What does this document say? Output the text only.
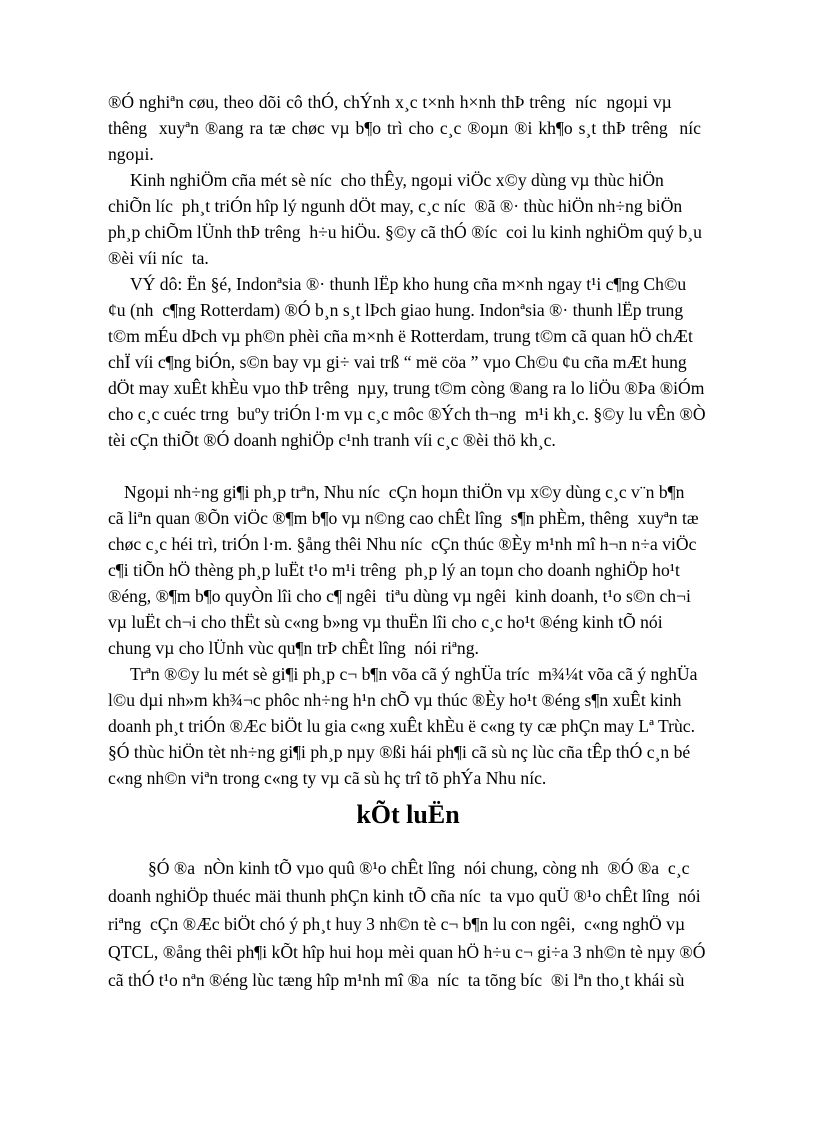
®Ó nghiªn cøu, theo dõi cô thÓ, chÝnh x¸c t×nh h×nh thÞ trêng  níc  ngoµi vµ
thêng  xuyªn ®ang ra tæ chøc vµ b¶o trì cho c¸c ®oµn ®i kh¶o s¸t thÞ trêng  níc
ngoµi.
Kinh nghiÖm cña mét sè níc  cho thÊy, ngoµi viÖc x©y dùng vµ thùc hiÖn
chiÕn líc  ph¸t triÓn hîp lý ngunh dÖt may, c¸c níc  ®ã ®· thùc hiÖn nh÷ng biÖn
ph¸p chiÕm lÜnh thÞ trêng  h÷u hiÖu. §©y cã thÓ ®íc  coi lu kinh nghiÖm quý b¸u
®èi víi níc  ta.
VÝ dô: Ën §é, Indonªsia ®· thunh lËp kho hung cña m×nh ngay t¹i c¶ng Ch©u
¢u (nh  c¶ng Rotterdam) ®Ó b¸n s¸t lÞch giao hung. Indonªsia ®· thunh lËp trung
t©m mÉu dÞch vµ ph©n phèi cña m×nh ë Rotterdam, trung t©m cã quan hÖ chÆt
chÏ víi c¶ng biÓn, s©n bay vµ gi÷ vai trß “ më cöa ” vµo Ch©u ¢u cña mÆt hung
dÖt may xuÊt khÈu vµo thÞ trêng  nµy, trung t©m còng ®ang ra lo liÖu ®Þa ®iÓm
cho c¸c cuéc trng  buºy triÓn l·m vµ c¸c môc ®Ých th¬ng  m¹i kh¸c. §©y lu vÊn ®Ò
tèi cÇn thiÕt ®Ó doanh nghiÖp c¹nh tranh víi c¸c ®èi thö kh¸c.
Ngoµi nh÷ng gi¶i ph¸p trªn, Nhu níc  cÇn hoµn thiÖn vµ x©y dùng c¸c v¨n b¶n
cã liªn quan ®Õn viÖc ®¶m b¶o vµ n©ng cao chÊt lîng  s¶n phÈm, thêng  xuyªn tæ
chøc c¸c héi trì, triÓn l·m. §ång thêi Nhu níc  cÇn thúc ®Èy m¹nh mî h¬n n÷a viÖc
c¶i tiÕn hÖ thèng ph¸p luËt t¹o m¹i trêng  ph¸p lý an toµn cho doanh nghiÖp ho¹t
®éng, ®¶m b¶o quyÒn lîi cho c¶ ngêi  tiªu dùng vµ ngêi  kinh doanh, t¹o s©n ch¬i
vµ luËt ch¬i cho thËt sù c«ng b»ng vµ thuËn lîi cho c¸c ho¹t ®éng kinh tÕ nói
chung vµ cho lÜnh vùc qu¶n trÞ chÊt lîng  nói riªng.
Trªn ®©y lu mét sè gi¶i ph¸p c¬ b¶n võa cã ý nghÜa tríc  m¾¼t võa cã ý nghÜa
l©u dµi nh»m kh¾¬c phôc nh÷ng h¹n chÕ vµ thúc ®Èy ho¹t ®éng s¶n xuÊt kinh
doanh ph¸t triÓn ®Æc biÖt lu gia c«ng xuÊt khÈu ë c«ng ty cæ phÇn may Lª Trùc.
§Ó thùc hiÖn tèt nh÷ng gi¶i ph¸p nµy ®ßi hái ph¶i cã sù nç lùc cña tÊp thÓ c¸n bé
c«ng nh©n viªn trong c«ng ty vµ cã sù hç trî tõ phÝa Nhu níc.
kÕt luËn
§Ó ®a  nÒn kinh tÕ vµo quû ®¹o chÊt lîng  nói chung, còng nh  ®Ó ®a  c¸c
doanh nghiÖp thuéc mäi thunh phÇn kinh tÕ cña níc  ta vµo quÜ ®¹o chÊt lîng  nói
riªng  cÇn ®Æc biÖt chó ý ph¸t huy 3 nh©n tè c¬ b¶n lu con ngêi,  c«ng nghÖ vµ
QTCL, ®ång thêi ph¶i kÕt hîp hui hoµ mèi quan hÖ h÷u c¬ gi÷a 3 nh©n tè nµy ®Ó
cã thÓ t¹o nªn ®éng lùc tæng hîp m¹nh mî ®a  níc  ta tõng bíc  ®i lªn tho¸t khái sù
